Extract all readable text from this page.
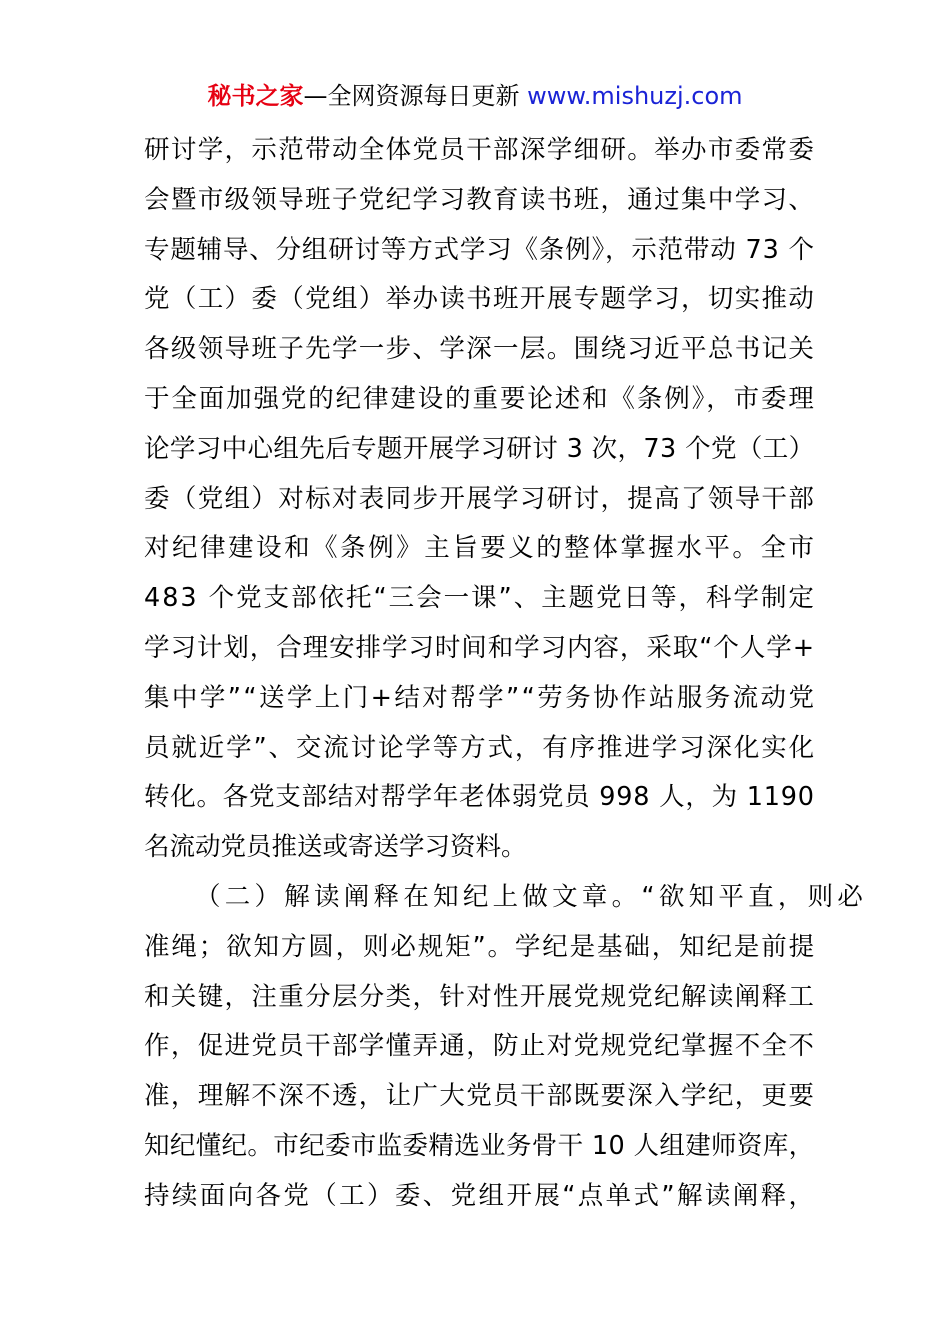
秘书之家—全网资源每日更新 www.mishuzj.com
研讨学，示范带动全体党员干部深学细研。举办市委常委
会暨市级领导班子党纪学习教育读书班，通过集中学习、
专题辅导、分组研讨等方式学习《条例》，示范带动 73 个
党（工）委（党组）举办读书班开展专题学习，切实推动
各级领导班子先学一步、学深一层。围绕习近平总书记关
于全面加强党的纪律建设的重要论述和《条例》，市委理
论学习中心组先后专题开展学习研讨 3 次，73 个党（工）
委（党组）对标对表同步开展学习研讨，提高了领导干部
对纪律建设和《条例》主旨要义的整体掌握水平。全市
483 个党支部依托“三会一课”、主题党日等，科学制定
学习计划，合理安排学习时间和学习内容，采取“个人学+
集中学”“送学上门+结对帮学”“劳务协作站服务流动党
员就近学”、交流讨论学等方式，有序推进学习深化实化
转化。各党支部结对帮学年老体弱党员 998 人，为 1190
名流动党员推送或寄送学习资料。
（二）解读阐释在知纪上做文章。“欲知平直，则必
准绳；欲知方圆，则必规矩”。学纪是基础，知纪是前提
和关键，注重分层分类，针对性开展党规党纪解读阐释工
作，促进党员干部学懂弄通，防止对党规党纪掌握不全不
准，理解不深不透，让广大党员干部既要深入学纪，更要
知纪懂纪。市纪委市监委精选业务骨干 10 人组建师资库，
持续面向各党（工）委、党组开展“点单式”解读阐释，
